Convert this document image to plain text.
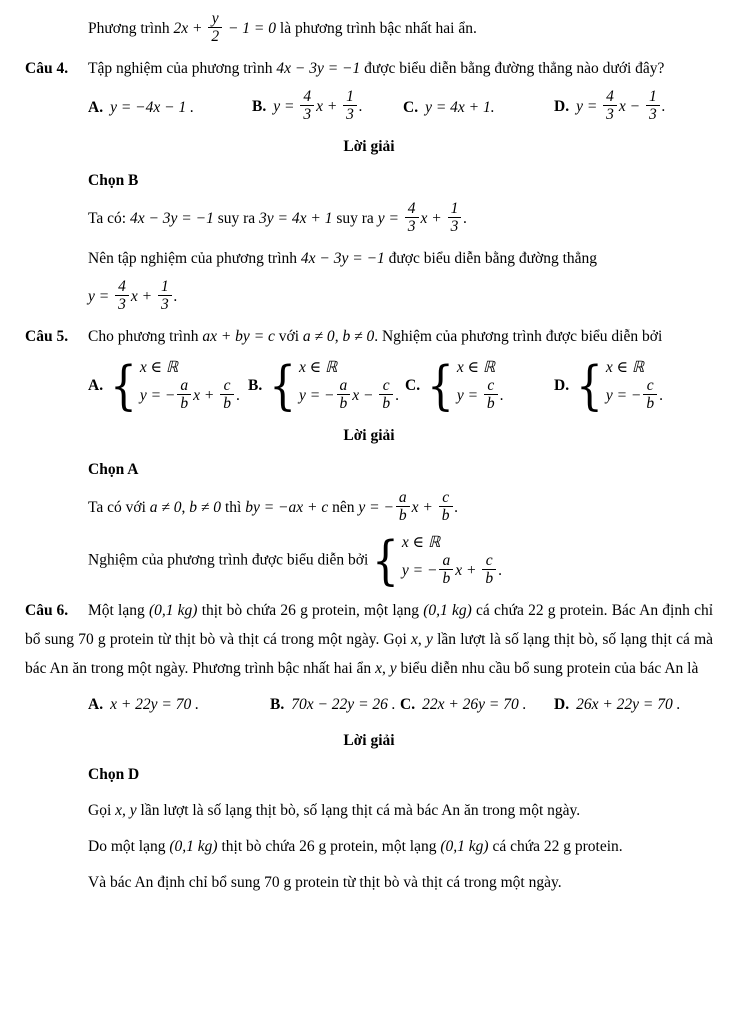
Phương trình $2x + \frac{y}{2} - 1 = 0$ là phương trình bậc nhất hai ẩn.

Câu 4. Tập nghiệm của phương trình 4x − 3y = −1 được biểu diễn bằng đường thẳng nào dưới đây?

A. y = −4x − 1 .	B. $y = \frac{4}{3}$ $x + \frac{1}{3}$ .	C. y = 4x + 1.	D. $y = \frac{4}{3}$ $x - \frac{1}{3}$ .

Lời giải

Chọn B

Ta có: 4x − 3y = −1 suy ra 3y = 4x + 1 suy ra $y = \frac{4}{3}$ $x + \frac{1}{3}$ .

Nên tập nghiệm của phương trình 4x − 3y = −1 được biểu diễn bằng đường thẳng

$y = \frac{4}{3}$ $x + \frac{1}{3}$ .

Câu 5. Cho phương trình ax + by = c với a ≠ 0, b ≠ 0. Nghiệm của phương trình được biểu diễn bởi

A. { x ∈ ℝ
y = − $\frac{a}{b}$ $x + \frac{c}{b}$ .
B. { x ∈ ℝ
y = − $\frac{a}{b}$ $x - \frac{c}{b}$ .
C. { x ∈ ℝ
$y = \frac{c}{b}$ .
D. { x ∈ ℝ
y = − $\frac{c}{b}$ .

Lời giải

Chọn A

Ta có với a ≠ 0, b ≠ 0 thì by = −ax + c nên y = − $\frac{a}{b}$ $x + \frac{c}{b}$ .

Nghiệm của phương trình được biểu diễn bởi { x ∈ ℝ
y = − $\frac{a}{b}$ $x + \frac{c}{b}$ .

Câu 6. Một lạng (0,1 kg) thịt bò chứa 26 g protein, một lạng (0,1 kg) cá chứa 22 g protein. Bác An định chỉ bổ sung 70 g protein từ thịt bò và thịt cá trong một ngày. Gọi x, y lần lượt là số lạng thịt bò, số lạng thịt cá mà bác An ăn trong một ngày. Phương trình bậc nhất hai ẩn x, y biểu diễn nhu cầu bổ sung protein của bác An là

A. x + 22y = 70 .	B. 70x − 22y = 26 . C. 22x + 26y = 70 .	D. 26x + 22y = 70 .

Lời giải

Chọn D

Gọi x, y lần lượt là số lạng thịt bò, số lạng thịt cá mà bác An ăn trong một ngày.

Do một lạng (0,1 kg) thịt bò chứa 26 g protein, một lạng (0,1 kg) cá chứa 22 g protein.

Và bác An định chỉ bổ sung 70 g protein từ thịt bò và thịt cá trong một ngày.
